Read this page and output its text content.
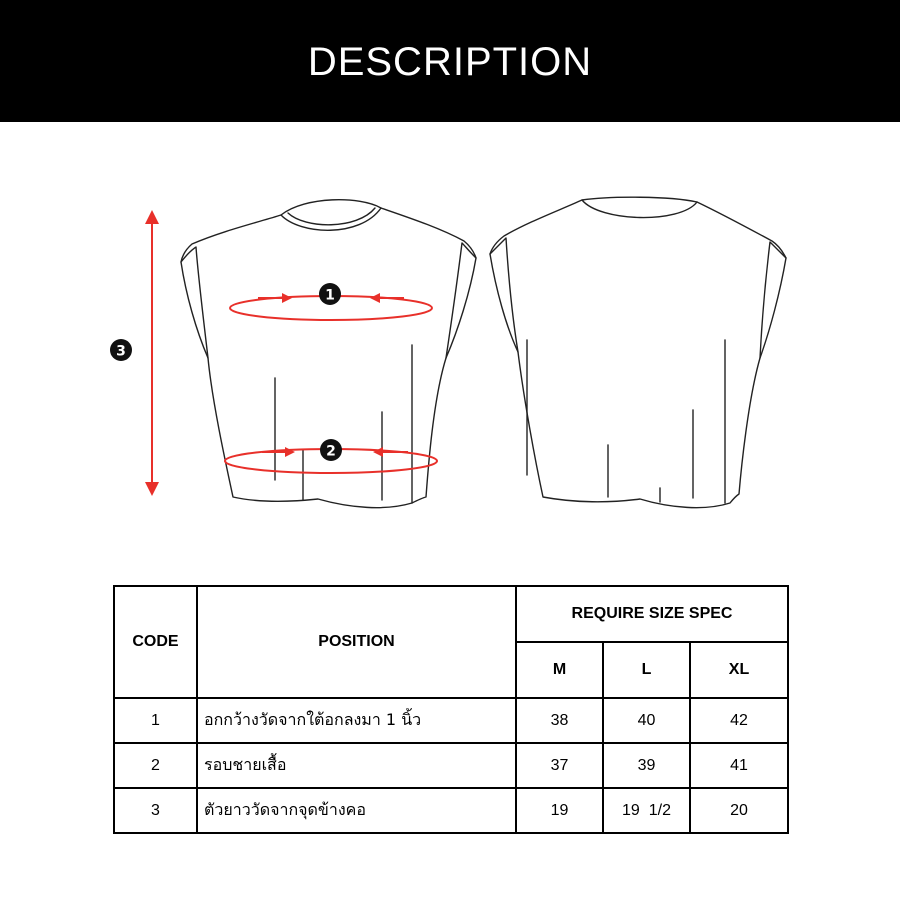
DESCRIPTION
1
2
3
CODE	POSITION	REQUIRE SIZE SPEC		
		M	L	XL
1	อกกว้างวัดจากใต้อกลงมา 1 นิ้ว	38	40	42
2	รอบชายเสื้อ	37	39	41
3	ตัวยาววัดจากจุดข้างคอ	19	19  1/2	20
